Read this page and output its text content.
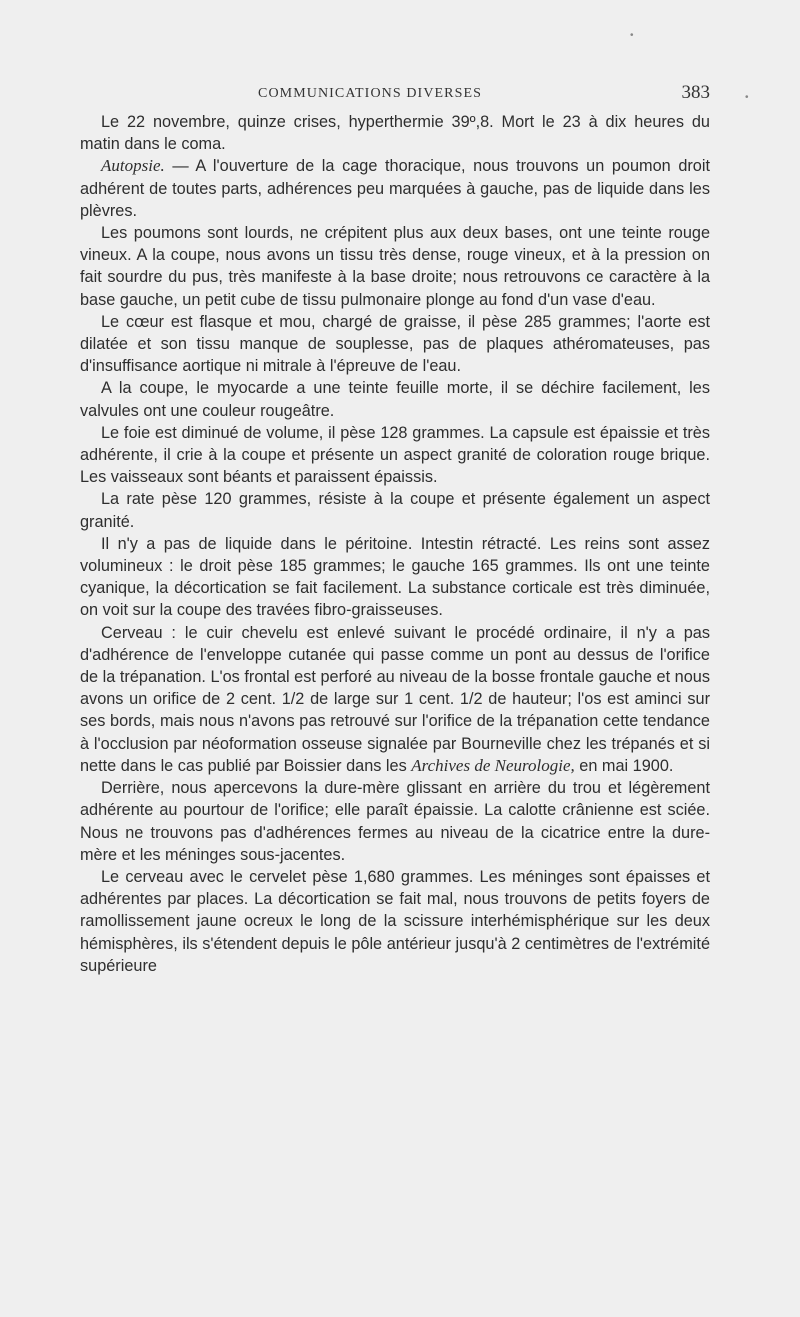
•
•
COMMUNICATIONS DIVERSES	383

Le 22 novembre, quinze crises, hyperthermie 39º,8. Mort le 23 à dix heures du matin dans le coma.

Autopsie. — A l'ouverture de la cage thoracique, nous trouvons un poumon droit adhérent de toutes parts, adhérences peu marquées à gauche, pas de liquide dans les plèvres.

Les poumons sont lourds, ne crépitent plus aux deux bases, ont une teinte rouge vineux. A la coupe, nous avons un tissu très dense, rouge vineux, et à la pression on fait sourdre du pus, très manifeste à la base droite; nous retrouvons ce caractère à la base gauche, un petit cube de tissu pulmonaire plonge au fond d'un vase d'eau.

Le cœur est flasque et mou, chargé de graisse, il pèse 285 grammes; l'aorte est dilatée et son tissu manque de souplesse, pas de plaques athéromateuses, pas d'insuffisance aortique ni mitrale à l'épreuve de l'eau.

A la coupe, le myocarde a une teinte feuille morte, il se déchire facilement, les valvules ont une couleur rougeâtre.

Le foie est diminué de volume, il pèse 128 grammes. La capsule est épaissie et très adhérente, il crie à la coupe et présente un aspect granité de coloration rouge brique. Les vaisseaux sont béants et paraissent épaissis.

La rate pèse 120 grammes, résiste à la coupe et présente également un aspect granité.

Il n'y a pas de liquide dans le péritoine. Intestin rétracté. Les reins sont assez volumineux : le droit pèse 185 grammes; le gauche 165 grammes. Ils ont une teinte cyanique, la décortication se fait facilement. La substance corticale est très diminuée, on voit sur la coupe des travées fibro-graisseuses.

Cerveau : le cuir chevelu est enlevé suivant le procédé ordinaire, il n'y a pas d'adhérence de l'enveloppe cutanée qui passe comme un pont au dessus de l'orifice de la trépanation. L'os frontal est perforé au niveau de la bosse frontale gauche et nous avons un orifice de 2 cent. 1/2 de large sur 1 cent. 1/2 de hauteur; l'os est aminci sur ses bords, mais nous n'avons pas retrouvé sur l'orifice de la trépanation cette tendance à l'occlusion par néoformation osseuse signalée par Bourneville chez les trépanés et si nette dans le cas publié par Boissier dans les Archives de Neurologie, en mai 1900.

Derrière, nous apercevons la dure-mère glissant en arrière du trou et légèrement adhérente au pourtour de l'orifice; elle paraît épaissie. La calotte crânienne est sciée. Nous ne trouvons pas d'adhérences fermes au niveau de la cicatrice entre la dure-mère et les méninges sous-jacentes.

Le cerveau avec le cervelet pèse 1,680 grammes. Les méninges sont épaisses et adhérentes par places. La décortication se fait mal, nous trouvons de petits foyers de ramollissement jaune ocreux le long de la scissure interhémisphérique sur les deux hémisphères, ils s'étendent depuis le pôle antérieur jusqu'à 2 centimètres de l'extrémité supérieure
